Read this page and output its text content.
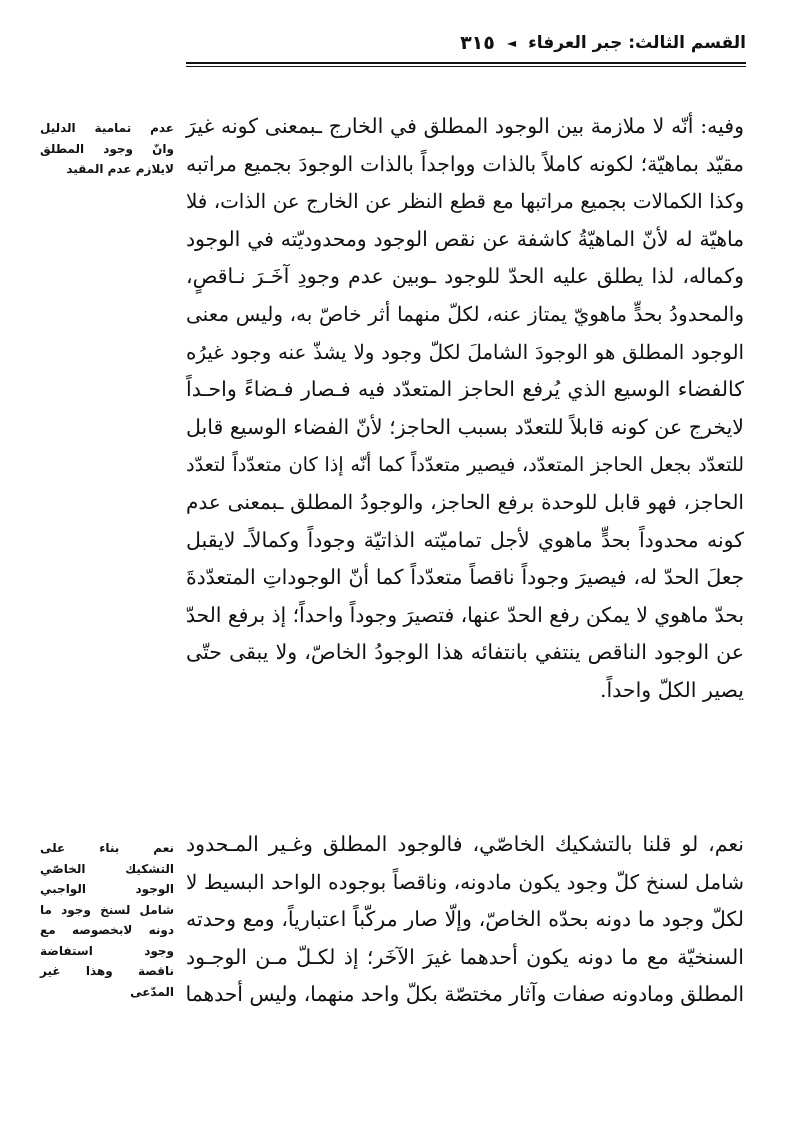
القسم الثالث: جبر العرفاء
◄
٣١٥
عدم تمامية الدليل
وانّ وجود المطلق
لايلازم عدم المقيد
نعم بناء على
التشكيك الخاصّي
الوجود الواجبي
شامل لسنخ وجود ما
دونه لابخصوصه مع
وجود استفاضة
ناقصة وهذا غير
المدّعى
وفيه: أنّه لا ملازمة بين الوجود المطلق في الخارج ـبمعنى كونه غيرَ
مقيّد بماهيّة؛ لكونه كاملاً بالذات وواجداً بالذات الوجودَ بجميع مراتبه
وكذا الكمالات بجميع مراتبها مع قطع النظر عن الخارج عن الذات، فلا
ماهيّة له لأنّ الماهيّةُ كاشفة عن نقص الوجود ومحدوديّته في الوجود
وكماله، لذا يطلق عليه الحدّ للوجود ـوبين عدم وجودِ آخَـرَ نـاقصٍ،
والمحدودُ بحدٍّ ماهويّ يمتاز عنه، لكلّ منهما أثر خاصّ به، وليس معنى
الوجود المطلق هو الوجودَ الشاملَ لكلّ وجود ولا يشذّ عنه وجود غيرُه
كالفضاء الوسيع الذي يُرفع الحاجز المتعدّد فيه فـصار فـضاءً واحـداً
لايخرج عن كونه قابلاً للتعدّد بسبب الحاجز؛ لأنّ الفضاء الوسيع قابل
للتعدّد بجعل الحاجز المتعدّد، فيصير متعدّداً كما أنّه إذا كان متعدّداً لتعدّد
الحاجز، فهو قابل للوحدة برفع الحاجز، والوجودُ المطلق ـبمعنى عدم
كونه محدوداً بحدٍّ ماهوي لأجل تماميّته الذاتيّة وجوداً وكمالاًـ لايقبل
جعلَ الحدّ له، فيصيرَ وجوداً ناقصاً متعدّداً كما أنّ الوجوداتِ المتعدّدةَ
بحدّ ماهوي لا يمكن رفع الحدّ عنها، فتصيرَ وجوداً واحداً؛ إذ برفع الحدّ
عن الوجود الناقص ينتفي بانتفائه هذا الوجودُ الخاصّ، ولا يبقى حتّى
يصير الكلّ واحداً.
نعم، لو قلنا بالتشكيك الخاصّي، فالوجود المطلق وغـير المـحدود
شامل لسنخ كلّ وجود يكون مادونه، وناقصاً بوجوده الواحد البسيط لا
لكلّ وجود ما دونه بحدّه الخاصّ، وإلّا صار مركّباً اعتبارياً، ومع وحدته
السنخيّة مع ما دونه يكون أحدهما غيرَ الآخَر؛ إذ لكـلّ مـن الوجـود
المطلق ومادونه صفات وآثار مختصّة بكلّ واحد منهما، وليس أحدهما
